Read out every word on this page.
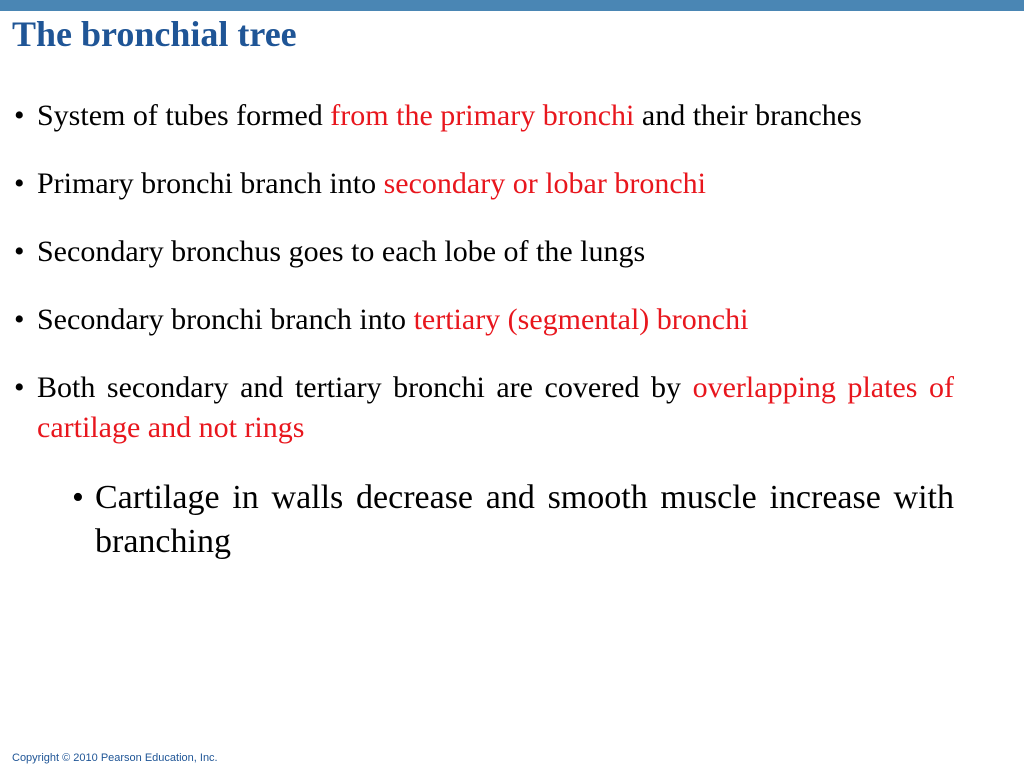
The bronchial tree
• System of tubes formed from the primary bronchi and their branches
• Primary bronchi branch into secondary or lobar bronchi
• Secondary bronchus goes to each lobe of the lungs
• Secondary bronchi branch into tertiary (segmental) bronchi
• Both secondary and tertiary bronchi are covered by overlapping plates of cartilage and not rings
• Cartilage in walls decrease and smooth muscle increase with branching
Copyright © 2010 Pearson Education, Inc.
